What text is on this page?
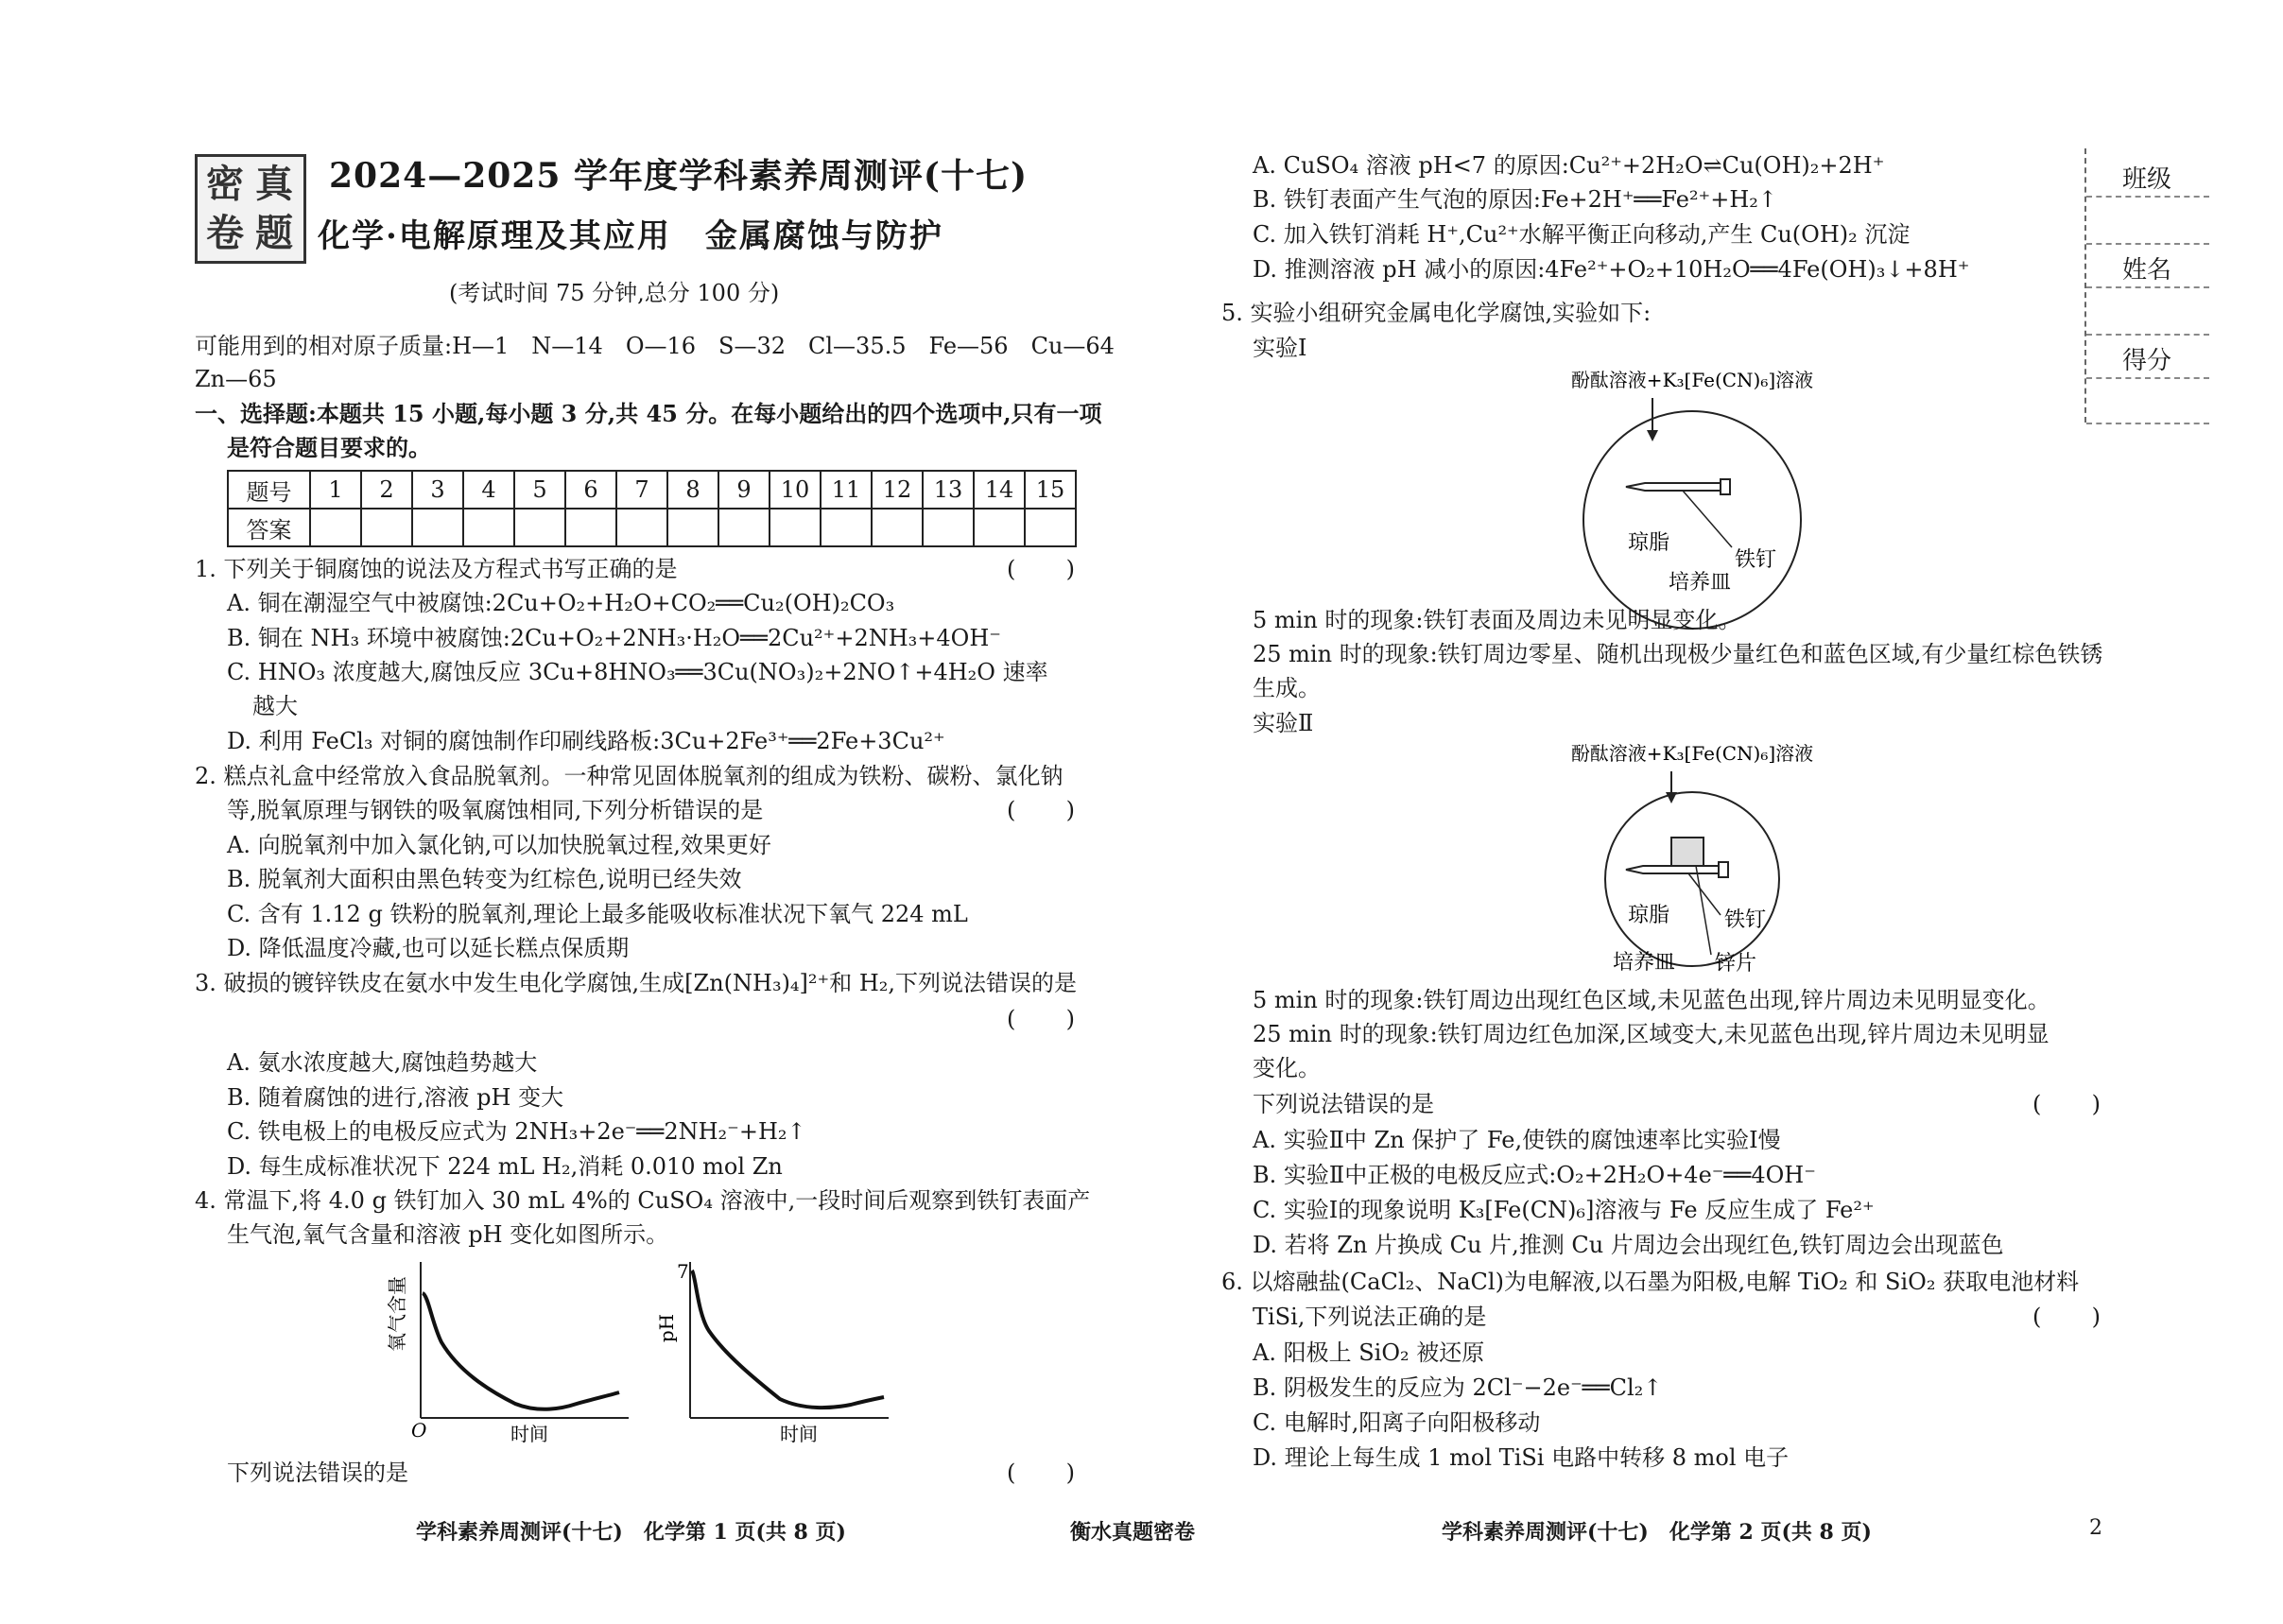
密 真
卷 题
2024—2025 学年度学科素养周测评(十七)
化学·电解原理及其应用　金属腐蚀与防护
(考试时间 75 分钟,总分 100 分)
可能用到的相对原子质量:H—1　N—14　O—16　S—32　Cl—35.5　Fe—56　Cu—64
Zn—65
一、选择题:本题共 15 小题,每小题 3 分,共 45 分。在每小题给出的四个选项中,只有一项
是符合题目要求的。
题号	1	2	3	4	5	6	7	8	9	10	11	12	13	14	15
答案															
1. 下列关于铜腐蚀的说法及方程式书写正确的是	( )
A. 铜在潮湿空气中被腐蚀:2Cu+O₂+H₂O+CO₂══Cu₂(OH)₂CO₃
B. 铜在 NH₃ 环境中被腐蚀:2Cu+O₂+2NH₃·H₂O══2Cu²⁺+2NH₃+4OH⁻
C. HNO₃ 浓度越大,腐蚀反应 3Cu+8HNO₃══3Cu(NO₃)₂+2NO↑+4H₂O 速率
越大
D. 利用 FeCl₃ 对铜的腐蚀制作印刷线路板:3Cu+2Fe³⁺══2Fe+3Cu²⁺
2. 糕点礼盒中经常放入食品脱氧剂。一种常见固体脱氧剂的组成为铁粉、碳粉、氯化钠
等,脱氧原理与钢铁的吸氧腐蚀相同,下列分析错误的是	( )
A. 向脱氧剂中加入氯化钠,可以加快脱氧过程,效果更好
B. 脱氧剂大面积由黑色转变为红棕色,说明已经失效
C. 含有 1.12 g 铁粉的脱氧剂,理论上最多能吸收标准状况下氧气 224 mL
D. 降低温度冷藏,也可以延长糕点保质期
3. 破损的镀锌铁皮在氨水中发生电化学腐蚀,生成[Zn(NH₃)₄]²⁺和 H₂,下列说法错误的是
( )
A. 氨水浓度越大,腐蚀趋势越大
B. 随着腐蚀的进行,溶液 pH 变大
C. 铁电极上的电极反应式为 2NH₃+2e⁻══2NH₂⁻+H₂↑
D. 每生成标准状况下 224 mL H₂,消耗 0.010 mol Zn
4. 常温下,将 4.0 g 铁钉加入 30 mL 4%的 CuSO₄ 溶液中,一段时间后观察到铁钉表面产
生气泡,氧气含量和溶液 pH 变化如图所示。
氧气含量
O	时间
7
pH
时间
下列说法错误的是	( )
A. CuSO₄ 溶液 pH<7 的原因:Cu²⁺+2H₂O⇌Cu(OH)₂+2H⁺
B. 铁钉表面产生气泡的原因:Fe+2H⁺══Fe²⁺+H₂↑
C. 加入铁钉消耗 H⁺,Cu²⁺水解平衡正向移动,产生 Cu(OH)₂ 沉淀
D. 推测溶液 pH 减小的原因:4Fe²⁺+O₂+10H₂O══4Fe(OH)₃↓+8H⁺
5. 实验小组研究金属电化学腐蚀,实验如下:
实验Ⅰ
酚酞溶液+K₃[Fe(CN)₆]溶液
铁钉
琼脂
培养皿
5 min 时的现象:铁钉表面及周边未见明显变化。
25 min 时的现象:铁钉周边零星、随机出现极少量红色和蓝色区域,有少量红棕色铁锈
生成。
实验Ⅱ
酚酞溶液+K₃[Fe(CN)₆]溶液
铁钉
锌片
琼脂
培养皿
5 min 时的现象:铁钉周边出现红色区域,未见蓝色出现,锌片周边未见明显变化。
25 min 时的现象:铁钉周边红色加深,区域变大,未见蓝色出现,锌片周边未见明显
变化。
下列说法错误的是	( )
A. 实验Ⅱ中 Zn 保护了 Fe,使铁的腐蚀速率比实验Ⅰ慢
B. 实验Ⅱ中正极的电极反应式:O₂+2H₂O+4e⁻══4OH⁻
C. 实验Ⅰ的现象说明 K₃[Fe(CN)₆]溶液与 Fe 反应生成了 Fe²⁺
D. 若将 Zn 片换成 Cu 片,推测 Cu 片周边会出现红色,铁钉周边会出现蓝色
6. 以熔融盐(CaCl₂、NaCl)为电解液,以石墨为阳极,电解 TiO₂ 和 SiO₂ 获取电池材料
TiSi,下列说法正确的是	( )
A. 阳极上 SiO₂ 被还原
B. 阴极发生的反应为 2Cl⁻−2e⁻══Cl₂↑
C. 电解时,阳离子向阳极移动
D. 理论上每生成 1 mol TiSi 电路中转移 8 mol 电子
班级
姓名
得分
学科素养周测评(十七)　化学第 1 页(共 8 页)	衡水真题密卷	学科素养周测评(十七)　化学第 2 页(共 8 页)	2
